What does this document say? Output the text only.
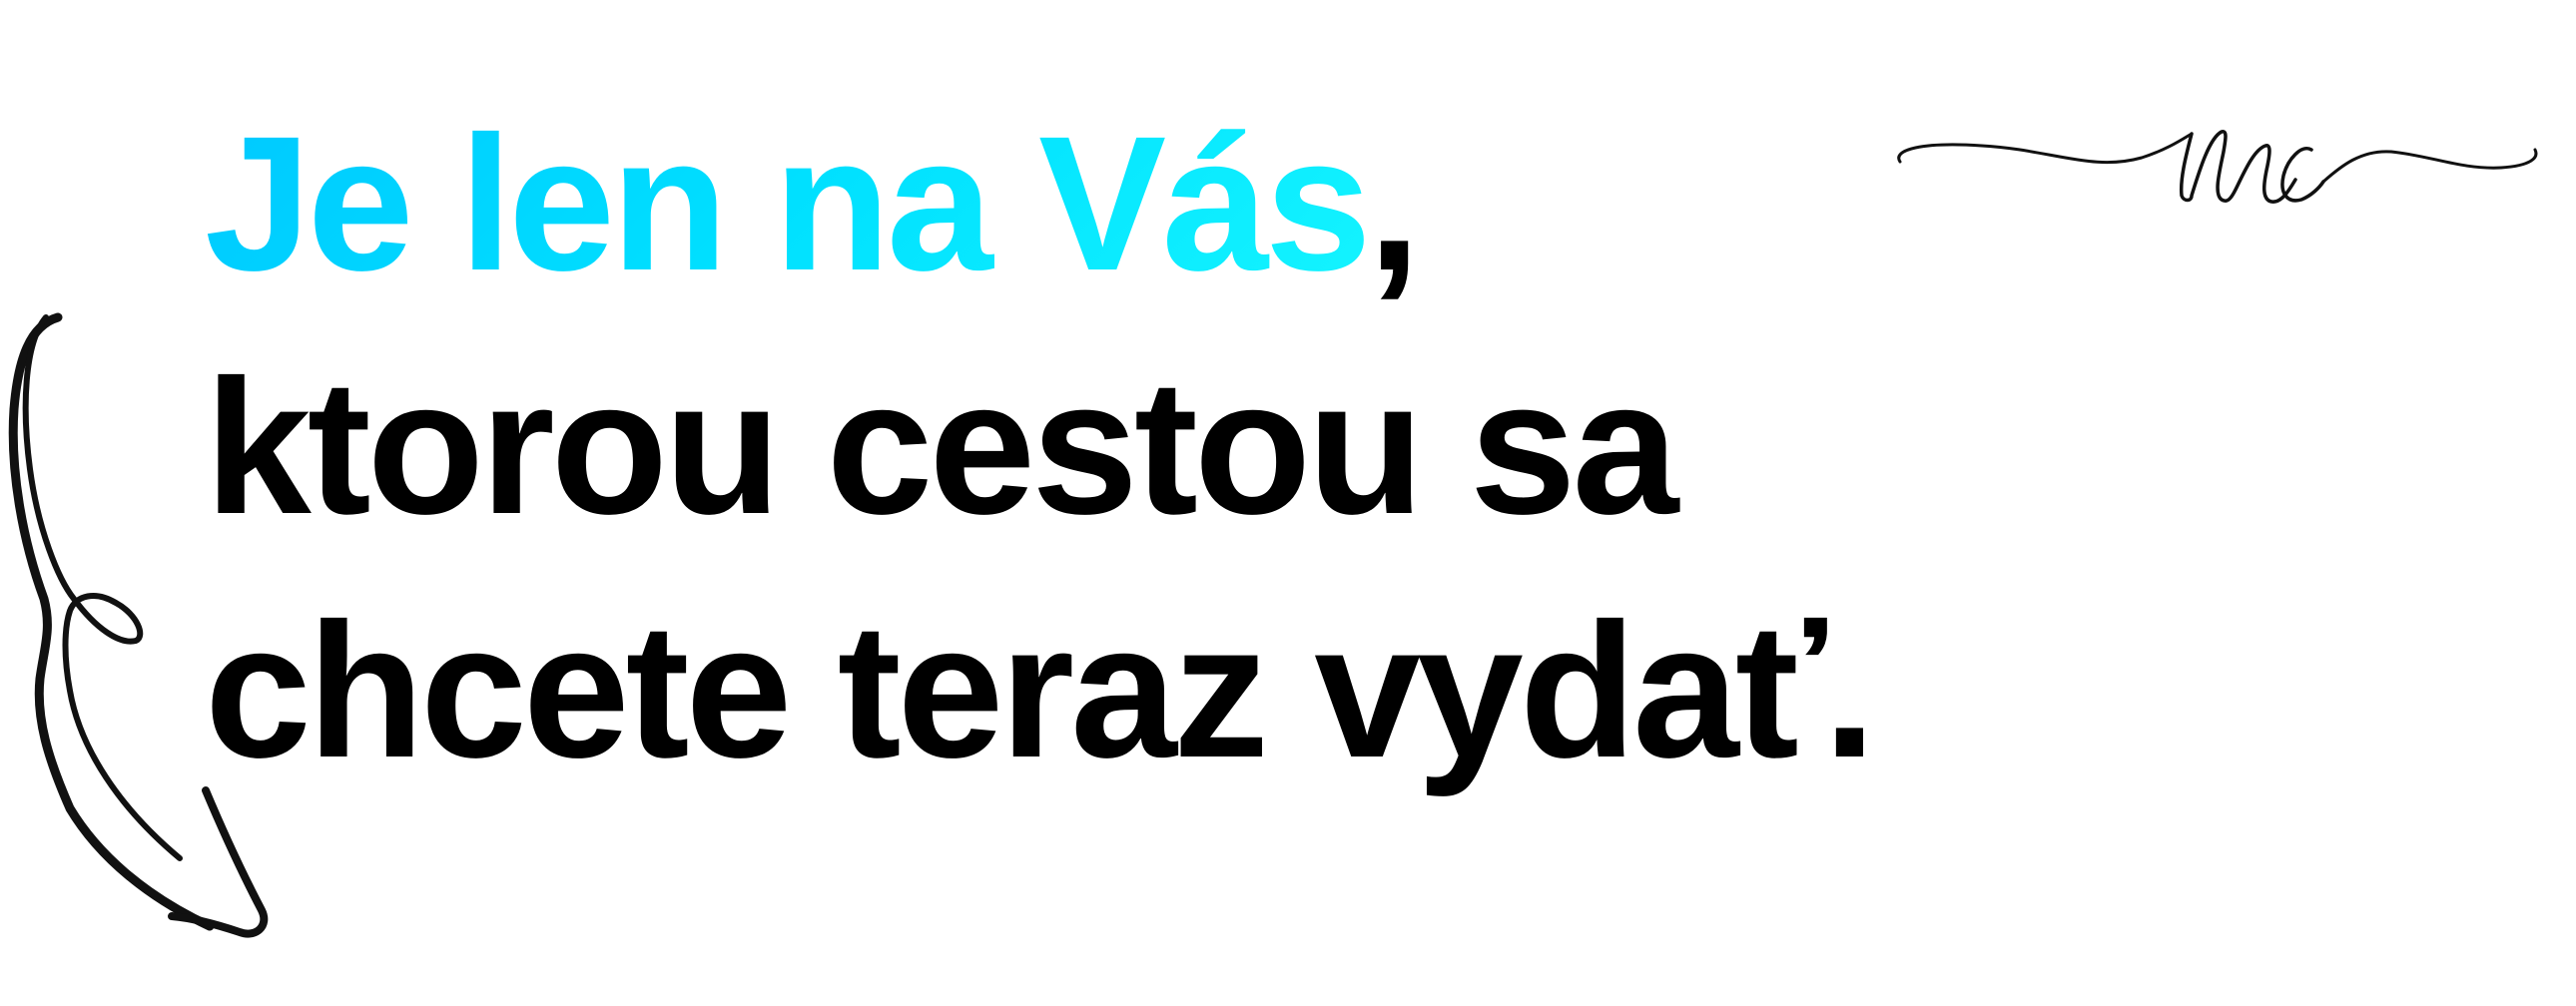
Je len na Vás,
ktorou cestou sa
chcete teraz vydať.
